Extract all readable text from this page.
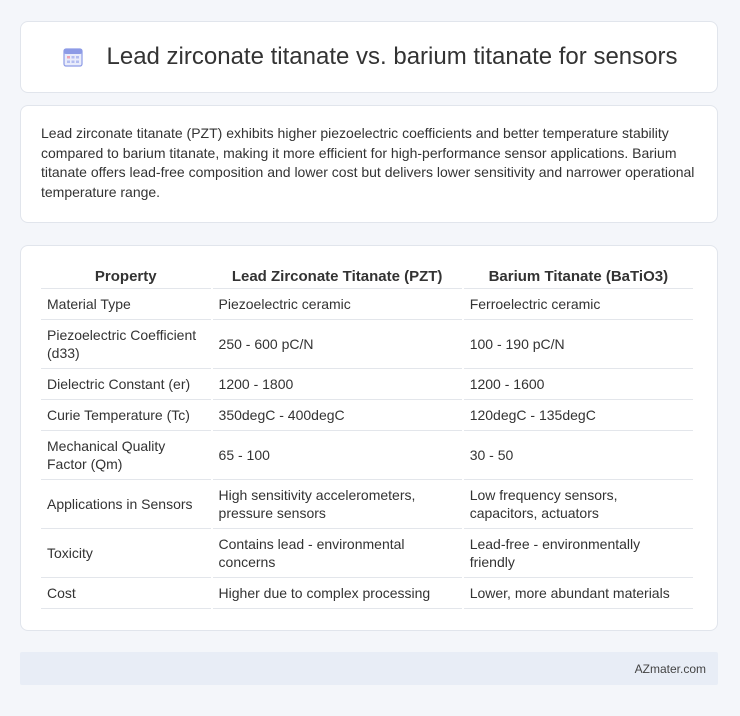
Lead zirconate titanate vs. barium titanate for sensors

Lead zirconate titanate (PZT) exhibits higher piezoelectric coefficients and better temperature stability compared to barium titanate, making it more efficient for high-performance sensor applications. Barium titanate offers lead-free composition and lower cost but delivers lower sensitivity and narrower operational temperature range.

Property	Lead Zirconate Titanate (PZT)	Barium Titanate (BaTiO3)
Material Type	Piezoelectric ceramic	Ferroelectric ceramic
Piezoelectric Coefficient (d33)	250 - 600 pC/N	100 - 190 pC/N
Dielectric Constant (er)	1200 - 1800	1200 - 1600
Curie Temperature (Tc)	350degC - 400degC	120degC - 135degC
Mechanical Quality Factor (Qm)	65 - 100	30 - 50
Applications in Sensors	High sensitivity accelerometers, pressure sensors	Low frequency sensors, capacitors, actuators
Toxicity	Contains lead - environmental concerns	Lead-free - environmentally friendly
Cost	Higher due to complex processing	Lower, more abundant materials
AZmater.com
